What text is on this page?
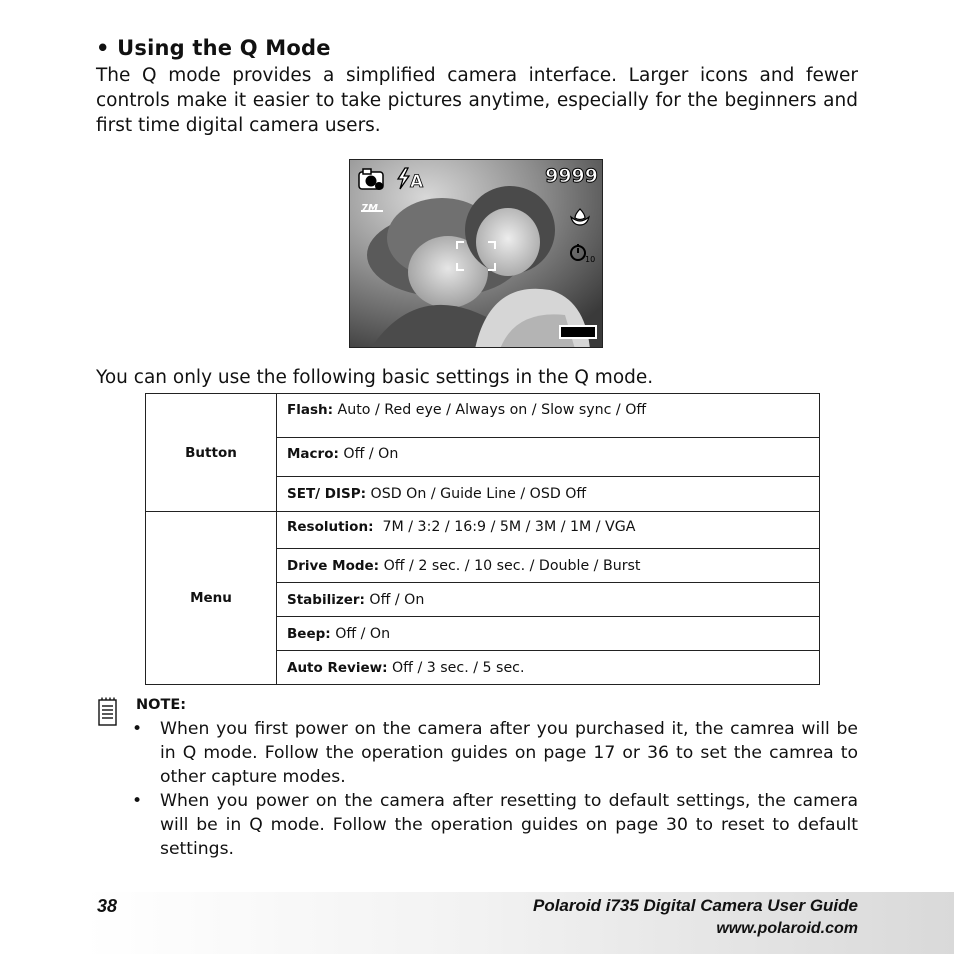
• Using the Q Mode

The Q mode provides a simplified camera interface. Larger icons and fewer controls make it easier to take pictures anytime, especially for the beginners and first time digital camera users.

A	9999
7M
10

You can only use the following basic settings in the Q mode.

Button	Flash: Auto / Red eye / Always on / Slow sync / Off
	Macro: Off / On
	SET/ DISP: OSD On / Guide Line / OSD Off
Menu	Resolution:  7M / 3:2 / 16:9 / 5M / 3M / 1M / VGA
	Drive Mode: Off / 2 sec. / 10 sec. / Double / Burst
	Stabilizer: Off / On
	Beep: Off / On
	Auto Review: Off / 3 sec. / 5 sec.
NOTE:
• When you first power on the camera after you purchased it, the camrea will be in Q mode. Follow the operation guides on page 17 or 36 to set the camrea to other capture modes.
• When you power on the camera after resetting to default settings, the camera will be in Q mode. Follow the operation guides on page 30 to reset to default settings.
38	Polaroid i735 Digital Camera User Guide
www.polaroid.com
